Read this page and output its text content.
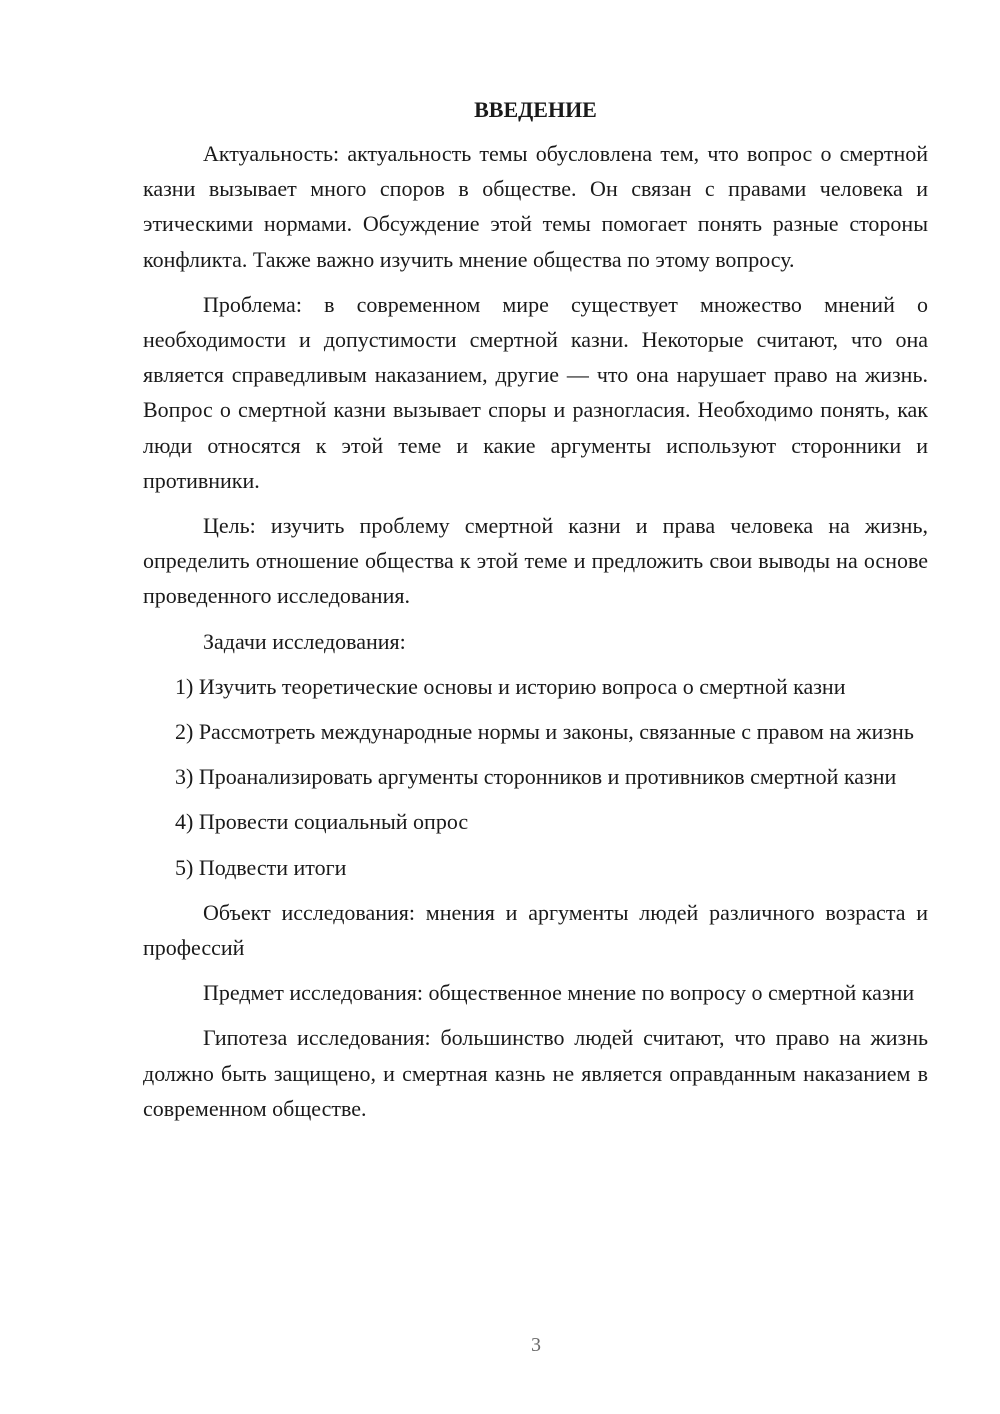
ВВЕДЕНИЕ

Актуальность: актуальность темы обусловлена тем, что вопрос о смертной казни вызывает много споров в обществе. Он связан с правами человека и этическими нормами. Обсуждение этой темы помогает понять разные стороны конфликта. Также важно изучить мнение общества по этому вопросу.

Проблема: в современном мире существует множество мнений о необходимости и допустимости смертной казни. Некоторые считают, что она является справедливым наказанием, другие — что она нарушает право на жизнь. Вопрос о смертной казни вызывает споры и разногласия. Необходимо понять, как люди относятся к этой теме и какие аргументы используют сторонники и противники.

Цель: изучить проблему смертной казни и права человека на жизнь, определить отношение общества к этой теме и предложить свои выводы на основе проведенного исследования.

Задачи исследования:

1) Изучить теоретические основы и историю вопроса о смертной казни

2) Рассмотреть международные нормы и законы, связанные с правом на жизнь

3) Проанализировать аргументы сторонников и противников смертной казни

4) Провести социальный опрос

5) Подвести итоги

Объект исследования: мнения и аргументы людей различного возраста и профессий

Предмет исследования: общественное мнение по вопросу о смертной казни

Гипотеза исследования: большинство людей считают, что право на жизнь должно быть защищено, и смертная казнь не является оправданным наказанием в современном обществе.

3
